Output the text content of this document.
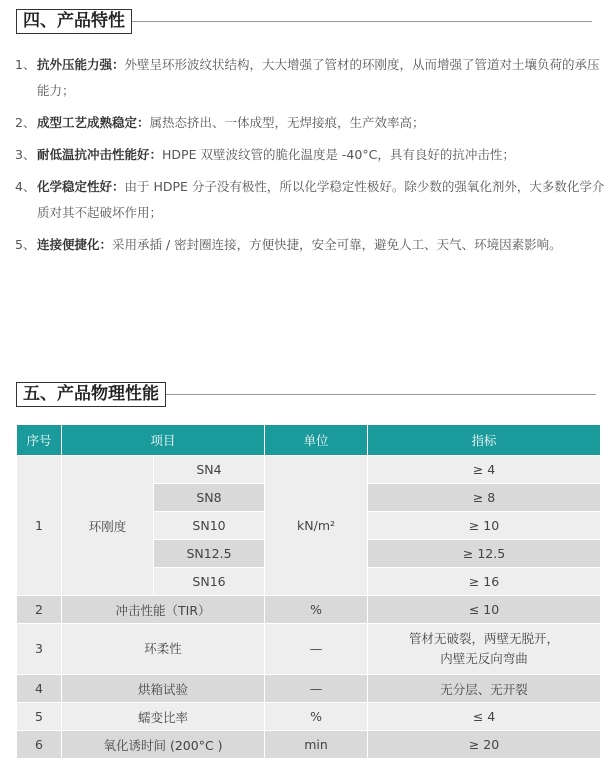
四、产品特性
1、 抗外压能力强：外壁呈环形波纹状结构，大大增强了管材的环刚度，从而增强了管道对土壤负荷的承压能力；
2、 成型工艺成熟稳定：属热态挤出、一体成型，无焊接痕，生产效率高；
3、 耐低温抗冲击性能好：HDPE 双壁波纹管的脆化温度是 -40°C，具有良好的抗冲击性；
4、 化学稳定性好：由于 HDPE 分子没有极性，所以化学稳定性极好。除少数的强氧化剂外，大多数化学介质对其不起破坏作用；
5、 连接便捷化：采用承插 / 密封圈连接，方便快捷，安全可靠，避免人工、天气、环境因素影响。
五、产品物理性能
序号	项目		单位	指标
1	环刚度	SN4	kN/m²	≥ 4
		SN8		≥ 8
		SN10		≥ 10
		SN12.5		≥ 12.5
		SN16		≥ 16
2	冲击性能（TIR）		%	≤ 10
3	环柔性		—	管材无破裂，两壁无脱开，
内壁无反向弯曲
4	烘箱试验		—	无分层、无开裂
5	蠕变比率		%	≤ 4
6	氧化诱时间 (200°C )		min	≥ 20
